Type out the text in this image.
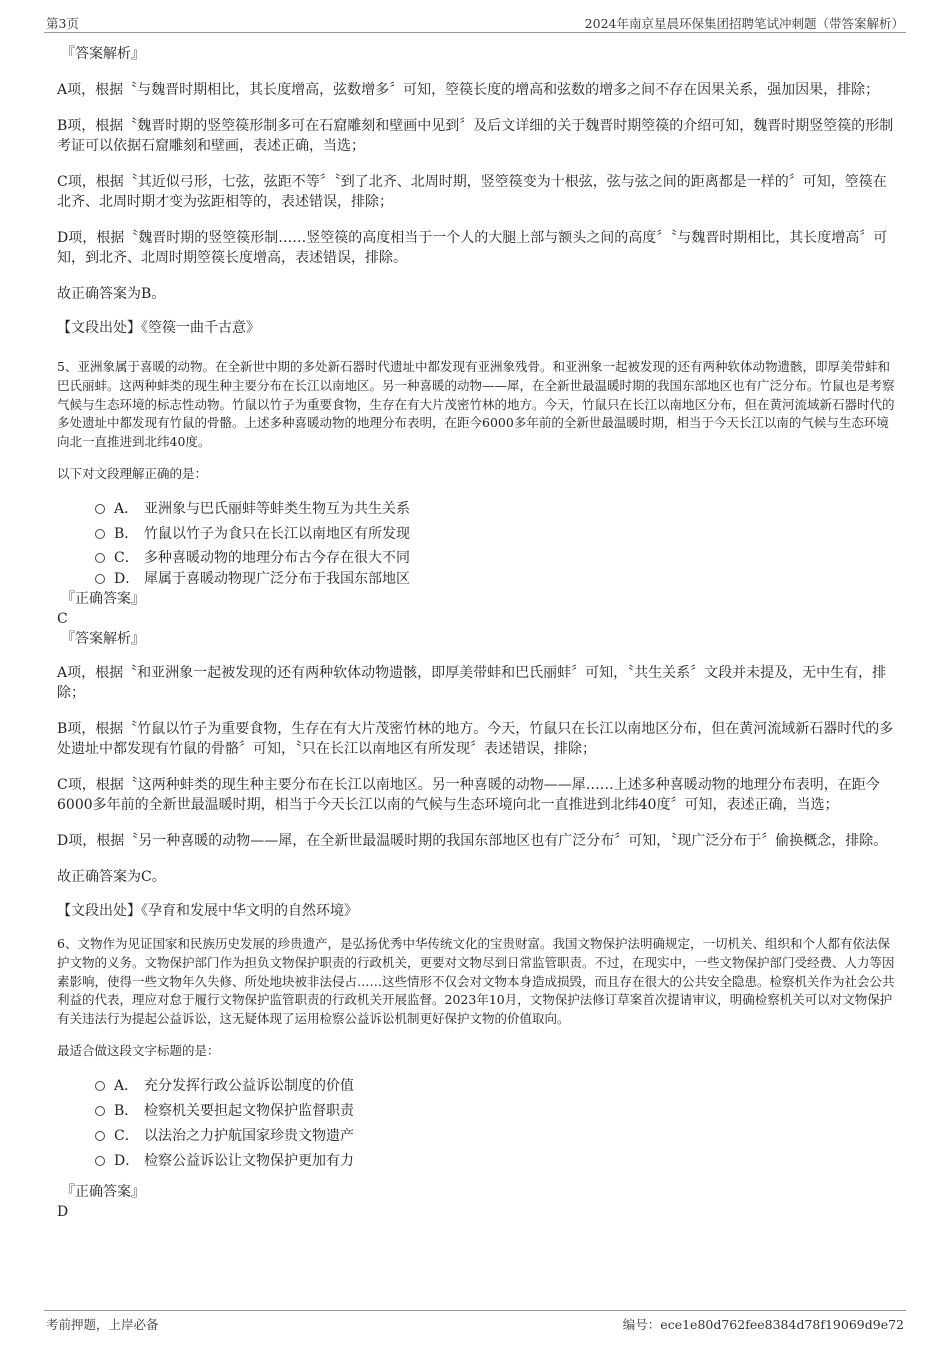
第3页	2024年南京星晨环保集团招聘笔试冲刺题（带答案解析）

『答案解析』

A项，根据〝与魏晋时期相比，其长度增高，弦数增多〞可知，箜篌长度的增高和弦数的增多之间不存在因果关系，强加因果，排除；

B项，根据〝魏晋时期的竖箜篌形制多可在石窟雕刻和壁画中见到〞及后文详细的关于魏晋时期箜篌的介绍可知，魏晋时期竖箜篌的形制考证可以依据石窟雕刻和壁画，表述正确，当选；

C项，根据〝其近似弓形，七弦，弦距不等〞〝到了北齐、北周时期，竖箜篌变为十根弦，弦与弦之间的距离都是一样的〞可知，箜篌在北齐、北周时期才变为弦距相等的，表述错误，排除；

D项，根据〝魏晋时期的竖箜篌形制……竖箜篌的高度相当于一个人的大腿上部与额头之间的高度〞〝与魏晋时期相比，其长度增高〞可知，到北齐、北周时期箜篌长度增高，表述错误，排除。

故正确答案为B。

【文段出处】《箜篌一曲千古意》

5、亚洲象属于喜暖的动物。在全新世中期的多处新石器时代遗址中都发现有亚洲象残骨。和亚洲象一起被发现的还有两种软体动物遗骸，即厚美带蚌和巴氏丽蚌。这两种蚌类的现生种主要分布在长江以南地区。另一种喜暖的动物——犀，在全新世最温暖时期的我国东部地区也有广泛分布。竹鼠也是考察气候与生态环境的标志性动物。竹鼠以竹子为重要食物，生存在有大片茂密竹林的地方。今天，竹鼠只在长江以南地区分布，但在黄河流域新石器时代的多处遗址中都发现有竹鼠的骨骼。上述多种喜暖动物的地理分布表明，在距今6000多年前的全新世最温暖时期，相当于今天长江以南的气候与生态环境向北一直推进到北纬40度。

以下对文段理解正确的是：

A． 亚洲象与巴氏丽蚌等蚌类生物互为共生关系

B． 竹鼠以竹子为食只在长江以南地区有所发现

C． 多种喜暖动物的地理分布古今存在很大不同

D． 犀属于喜暖动物现广泛分布于我国东部地区

『正确答案』

C

『答案解析』

A项，根据〝和亚洲象一起被发现的还有两种软体动物遗骸，即厚美带蚌和巴氏丽蚌〞可知，〝共生关系〞文段并未提及，无中生有，排除；

B项，根据〝竹鼠以竹子为重要食物，生存在有大片茂密竹林的地方。今天，竹鼠只在长江以南地区分布，但在黄河流域新石器时代的多处遗址中都发现有竹鼠的骨骼〞可知，〝只在长江以南地区有所发现〞表述错误，排除；

C项，根据〝这两种蚌类的现生种主要分布在长江以南地区。另一种喜暖的动物——犀……上述多种喜暖动物的地理分布表明，在距今6000多年前的全新世最温暖时期，相当于今天长江以南的气候与生态环境向北一直推进到北纬40度〞可知，表述正确，当选；

D项，根据〝另一种喜暖的动物——犀，在全新世最温暖时期的我国东部地区也有广泛分布〞可知，〝现广泛分布于〞偷换概念，排除。

故正确答案为C。

【文段出处】《孕育和发展中华文明的自然环境》

6、文物作为见证国家和民族历史发展的珍贵遗产，是弘扬优秀中华传统文化的宝贵财富。我国文物保护法明确规定，一切机关、组织和个人都有依法保护文物的义务。文物保护部门作为担负文物保护职责的行政机关，更要对文物尽到日常监管职责。不过，在现实中，一些文物保护部门受经费、人力等因素影响，使得一些文物年久失修、所处地块被非法侵占……这些情形不仅会对文物本身造成损毁，而且存在很大的公共安全隐患。检察机关作为社会公共利益的代表，理应对怠于履行文物保护监管职责的行政机关开展监督。2023年10月，文物保护法修订草案首次提请审议，明确检察机关可以对文物保护有关违法行为提起公益诉讼，这无疑体现了运用检察公益诉讼机制更好保护文物的价值取向。

最适合做这段文字标题的是：

A． 充分发挥行政公益诉讼制度的价值

B． 检察机关要担起文物保护监督职责

C． 以法治之力护航国家珍贵文物遗产

D． 检察公益诉讼让文物保护更加有力

『正确答案』

D

考前押题，上岸必备	编号：ece1e80d762fee8384d78f19069d9e72
